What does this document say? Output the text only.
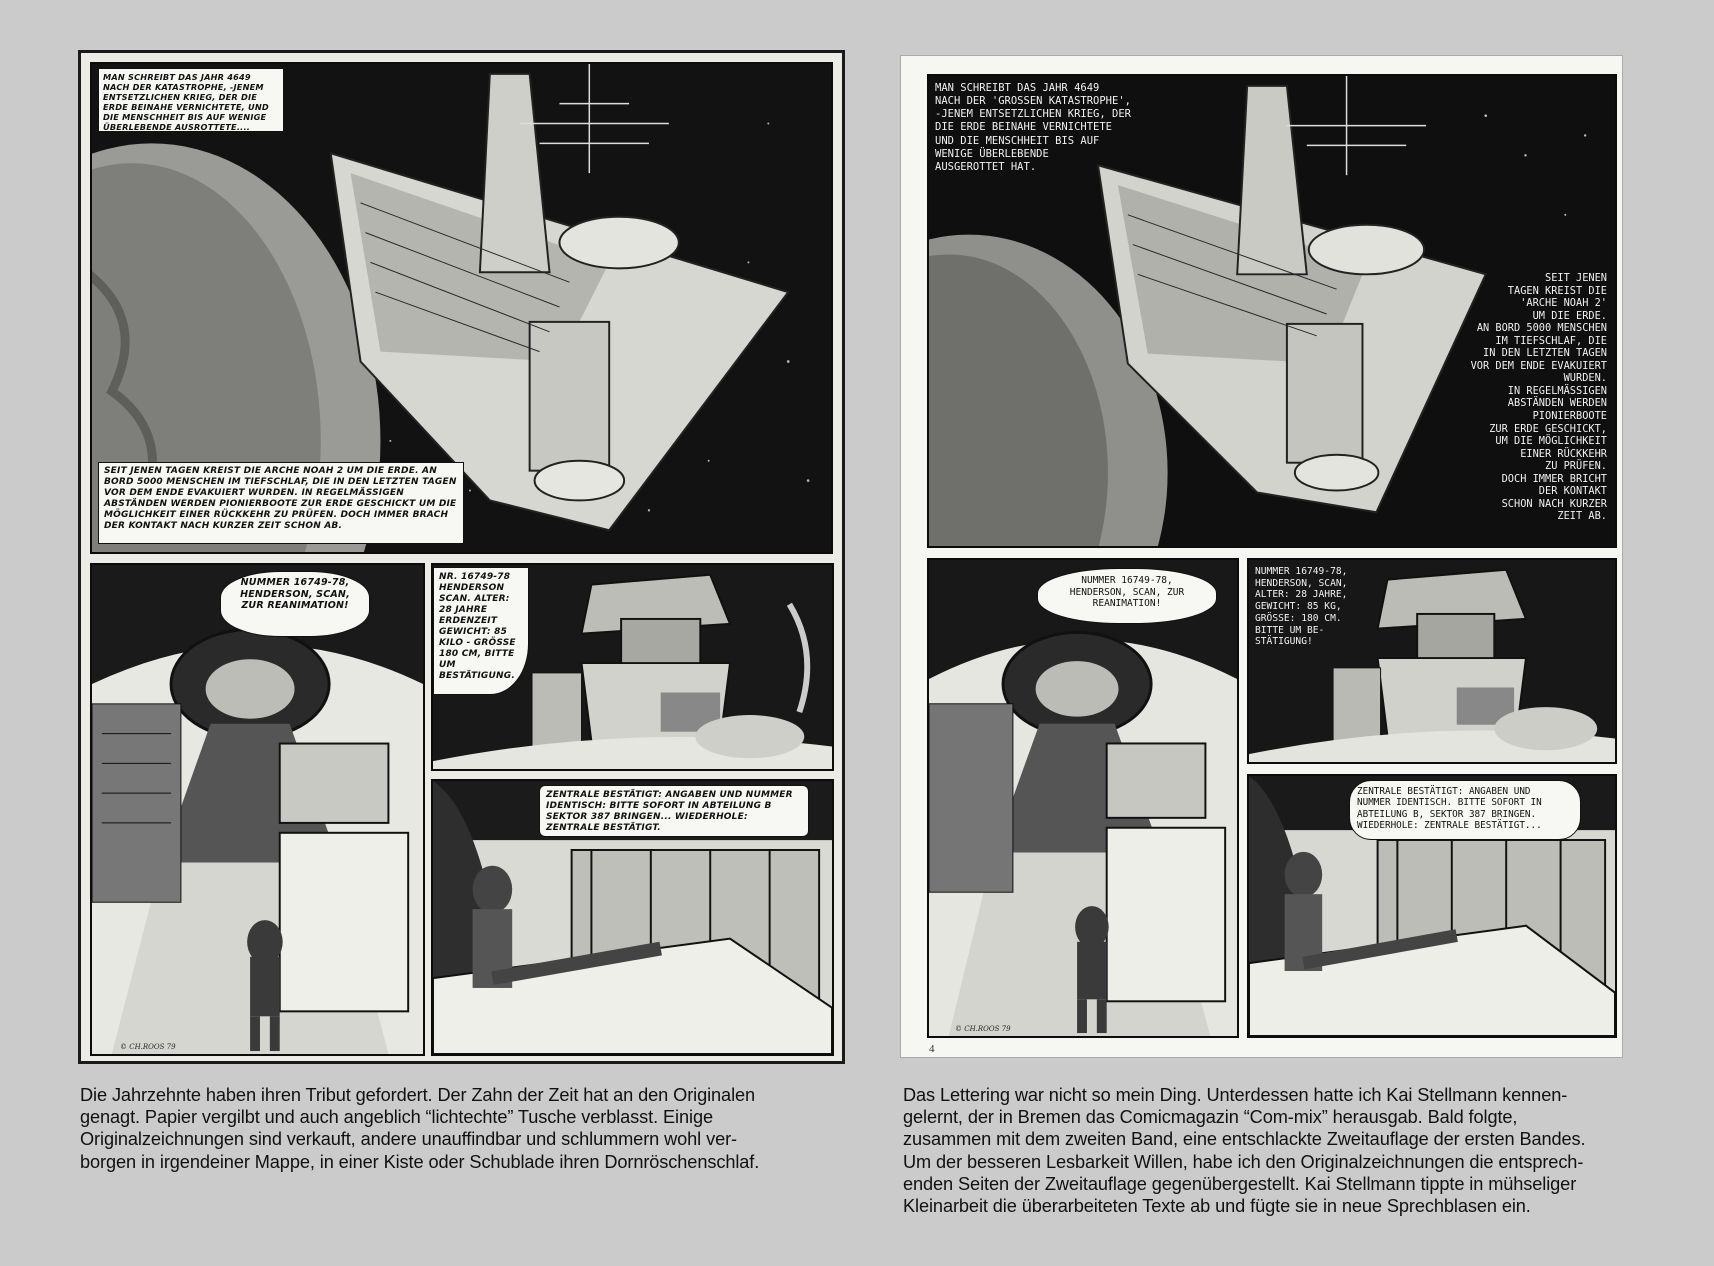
MAN SCHREIBT DAS JAHR 4649 NACH DER KATASTROPHE, -JENEM ENTSETZLICHEN KRIEG, DER DIE ERDE BEINAHE VERNICHTETE, UND DIE MENSCHHEIT BIS AUF WENIGE ÜBERLEBENDE AUSROTTETE....
SEIT JENEN TAGEN KREIST DIE ARCHE NOAH 2 UM DIE ERDE. AN BORD 5000 MENSCHEN IM TIEFSCHLAF, DIE IN DEN LETZTEN TAGEN VOR DEM ENDE EVAKUIERT WURDEN. IN REGELMÄSSIGEN ABSTÄNDEN WERDEN PIONIERBOOTE ZUR ERDE GESCHICKT UM DIE MÖGLICHKEIT EINER RÜCKKEHR ZU PRÜFEN. DOCH IMMER BRACH DER KONTAKT NACH KURZER ZEIT SCHON AB.
NUMMER 16749-78, HENDERSON, SCAN, ZUR REANIMATION!
© CH.ROOS 79
NR. 16749-78 HENDERSON SCAN. ALTER: 28 JAHRE ERDENZEIT GEWICHT: 85 KILO - GRÖSSE 180 CM, BITTE UM BESTÄTIGUNG.
ZENTRALE BESTÄTIGT: ANGABEN UND NUMMER IDENTISCH: BITTE SOFORT IN ABTEILUNG B SEKTOR 387 BRINGEN... WIEDERHOLE: ZENTRALE BESTÄTIGT.
MAN SCHREIBT DAS JAHR 4649
NACH DER 'GROSSEN KATASTROPHE',
-JENEM ENTSETZLICHEN KRIEG, DER
DIE ERDE BEINAHE VERNICHTETE
UND DIE MENSCHHEIT BIS AUF
WENIGE ÜBERLEBENDE
AUSGEROTTET HAT.
SEIT JENEN
TAGEN KREIST DIE
'ARCHE NOAH 2'
UM DIE ERDE.
AN BORD 5000 MENSCHEN
IM TIEFSCHLAF, DIE
IN DEN LETZTEN TAGEN
VOR DEM ENDE EVAKUIERT
WURDEN.
IN REGELMÄSSIGEN
ABSTÄNDEN WERDEN
PIONIERBOOTE
ZUR ERDE GESCHICKT,
UM DIE MÖGLICHKEIT
EINER RÜCKKEHR
ZU PRÜFEN.
DOCH IMMER BRICHT
DER KONTAKT
SCHON NACH KURZER
ZEIT AB.
NUMMER 16749-78,
HENDERSON, SCAN, ZUR
REANIMATION!
© CH.ROOS 79
NUMMER 16749-78,
HENDERSON, SCAN,
ALTER: 28 JAHRE,
GEWICHT: 85 KG,
GRÖSSE: 180 CM.
BITTE UM BE-
STÄTIGUNG!
ZENTRALE BESTÄTIGT: ANGABEN UND
NUMMER IDENTISCH. BITTE SOFORT IN
ABTEILUNG B, SEKTOR 387 BRINGEN.
WIEDERHOLE: ZENTRALE BESTÄTIGT...
4
Die Jahrzehnte haben ihren Tribut gefordert. Der Zahn der Zeit hat an den Originalen
genagt. Papier vergilbt und auch angeblich “lichtechte” Tusche verblasst. Einige
Originalzeichnungen sind verkauft, andere unauffindbar und schlummern wohl ver-
borgen in irgendeiner Mappe, in einer Kiste oder Schublade ihren Dornröschenschlaf.
Das Lettering war nicht so mein Ding. Unterdessen hatte ich Kai Stellmann kennen-
gelernt, der in Bremen das Comicmagazin “Com-mix” herausgab. Bald folgte,
zusammen mit dem zweiten Band, eine entschlackte Zweitauflage der ersten Bandes.
Um der besseren Lesbarkeit Willen, habe ich den Originalzeichnungen die entsprech-
enden Seiten der Zweitauflage gegenübergestellt. Kai Stellmann tippte in mühseliger
Kleinarbeit die überarbeiteten Texte ab und fügte sie in neue Sprechblasen ein.
